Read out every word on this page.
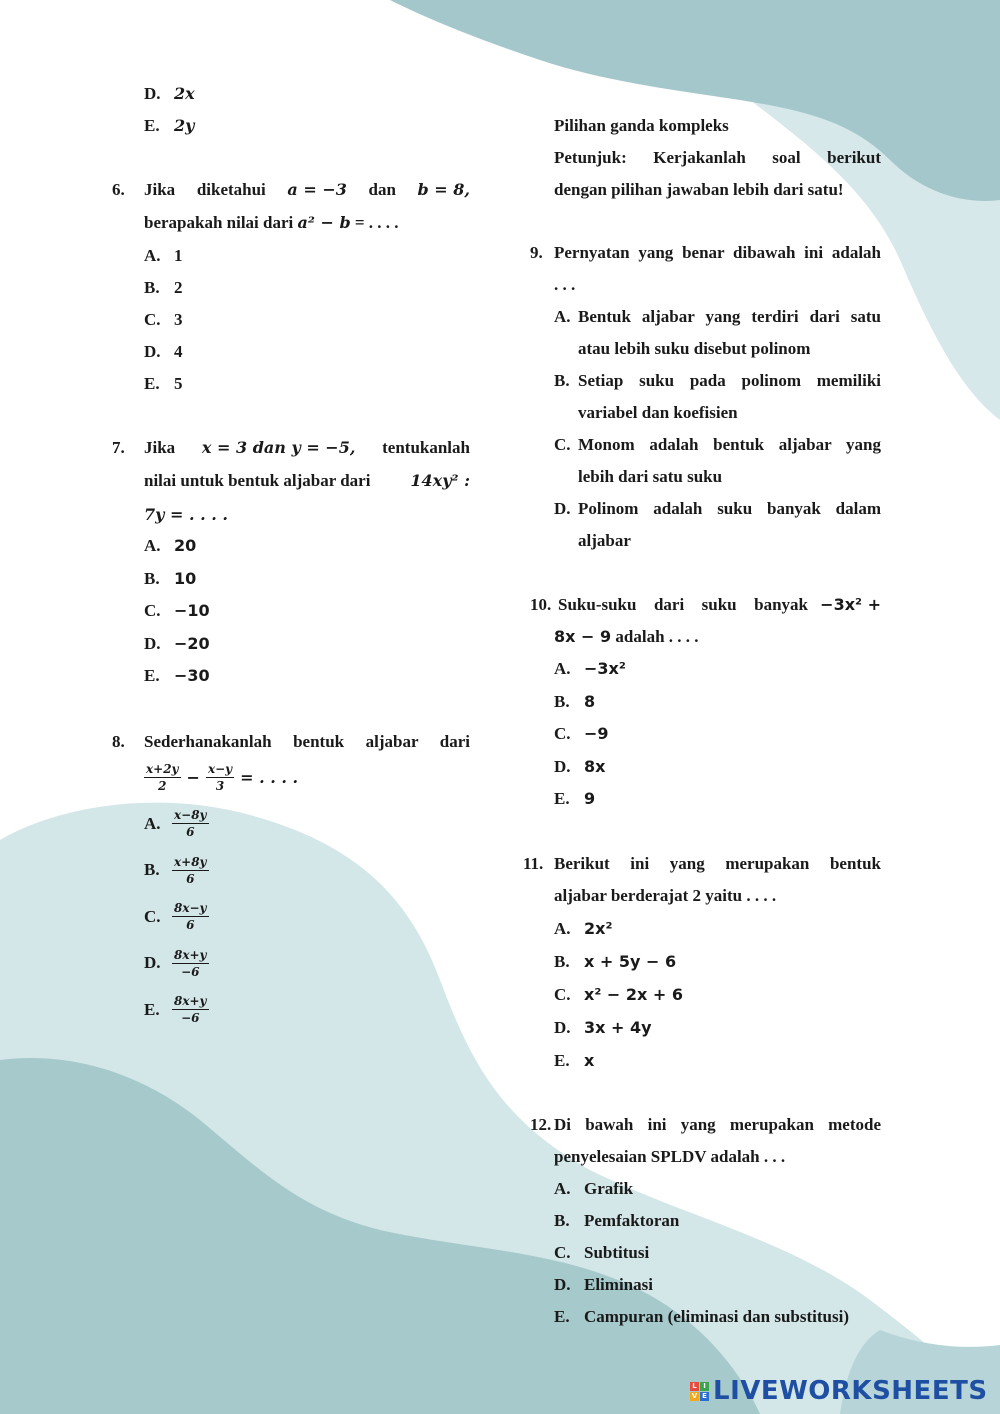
D. 2x
E. 2y
6. Jika diketahui a = −3 dan b = 8,
berapakah nilai dari a² − b = . . . .
A. 1
B. 2
C. 3
D. 4
E. 5
7. Jika x = 3 dan y = −5, tentukanlah
nilai untuk bentuk aljabar dari 14xy² :
7y = . . . .
A. 20
B. 10
C. −10
D. −20
E. −30
8. Sederhanakanlah bentuk aljabar dari
$\frac{x+2y}{2} - \frac{x-y}{3}$ = . . . .
A. $\frac{x-8y}{6}$
B.	$\frac{x+8y}{6}$
C. $\frac{8x-y}{6}$
D. $\frac{8x+y}{-6}$
E.	$\frac{8x+y}{-6}$
Pilihan ganda kompleks
Petunjuk: Kerjakanlah soal berikut
dengan pilihan jawaban lebih dari satu!
9. Pernyatan yang benar dibawah ini adalah
. . .
A. Bentuk aljabar yang terdiri dari satu
atau lebih suku disebut polinom
B. Setiap suku pada polinom memiliki
variabel dan koefisien
C. Monom adalah bentuk aljabar yang
lebih dari satu suku
D. Polinom adalah suku banyak dalam
aljabar
10. Suku-suku dari suku banyak −3x² +
8x − 9 adalah . . . .
A. −3x²
B. 8
C. −9
D. 8x
E. 9
11. Berikut ini yang merupakan bentuk
aljabar berderajat 2 yaitu . . . .
A. 2x²
B. x + 5y − 6
C. x² − 2x + 6
D. 3x + 4y
E. x
12. Di bawah ini yang merupakan metode
penyelesaian SPLDV adalah . . .
A. Grafik
B. Pemfaktoran
C. Subtitusi
D. Eliminasi
E. Campuran (eliminasi dan substitusi)
L I
V E LIVEWORKSHEETS
